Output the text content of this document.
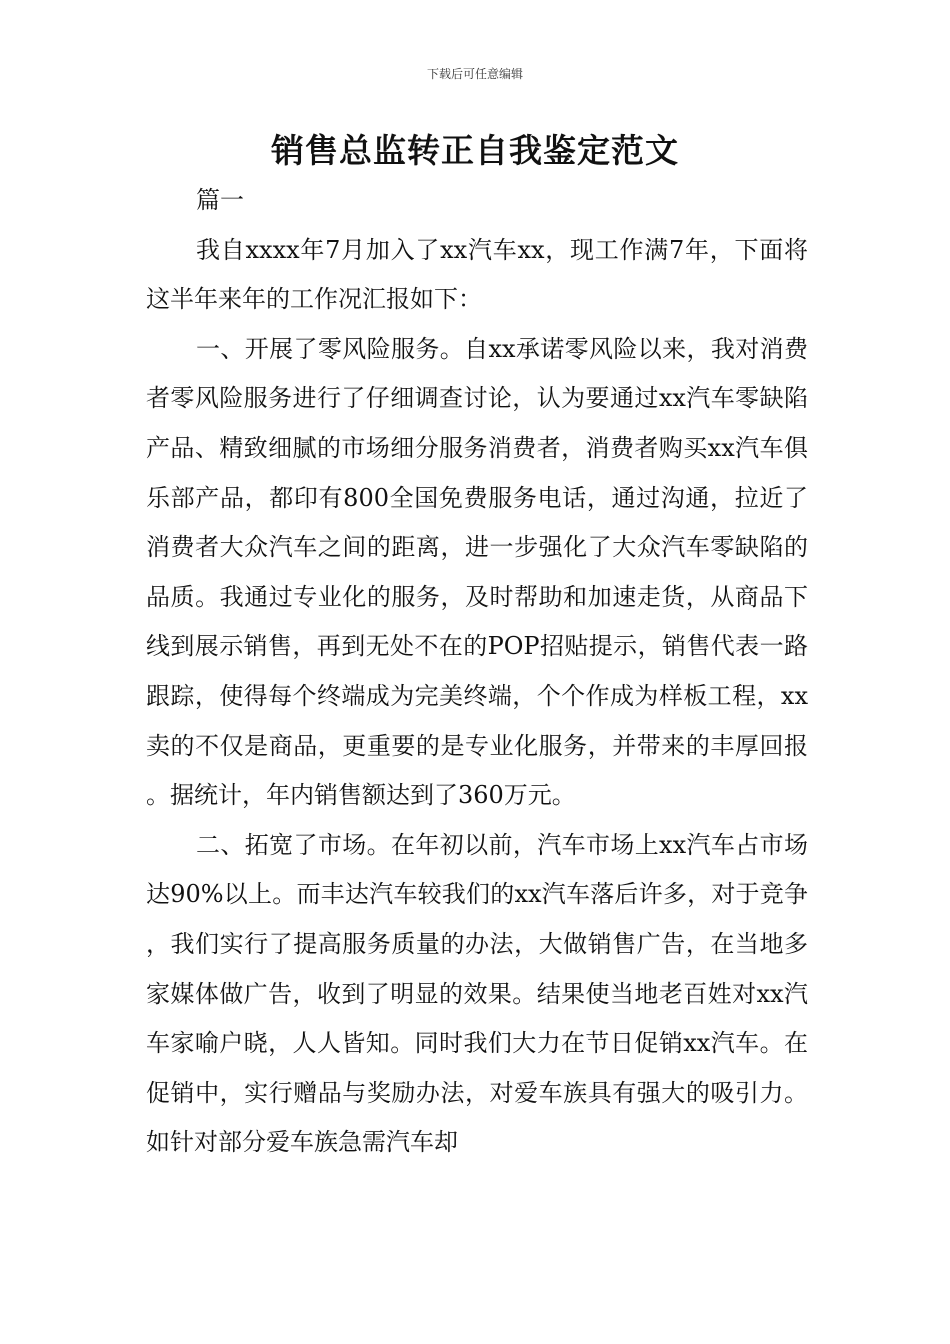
下载后可任意编辑
销售总监转正自我鉴定范文

篇一

我自xxxx年7月加入了xx汽车xx，现工作满7年，下面将这半年来年的工作况汇报如下：

一、开展了零风险服务。自xx承诺零风险以来，我对消费者零风险服务进行了仔细调查讨论，认为要通过xx汽车零缺陷产品、精致细腻的市场细分服务消费者，消费者购买xx汽车俱乐部产品，都印有800全国免费服务电话，通过沟通，拉近了消费者大众汽车之间的距离，进一步强化了大众汽车零缺陷的品质。我通过专业化的服务，及时帮助和加速走货，从商品下线到展示销售，再到无处不在的POP招贴提示，销售代表一路跟踪，使得每个终端成为完美终端，个个作成为样板工程，xx卖的不仅是商品，更重要的是专业化服务，并带来的丰厚回报。据统计，年内销售额达到了360万元。

二、拓宽了市场。在年初以前，汽车市场上xx汽车占市场达90%以上。而丰达汽车较我们的xx汽车落后许多，对于竞争，我们实行了提高服务质量的办法，大做销售广告，在当地多家媒体做广告，收到了明显的效果。结果使当地老百姓对xx汽车家喻户晓，人人皆知。同时我们大力在节日促销xx汽车。在促销中，实行赠品与奖励办法，对爱车族具有强大的吸引力。如针对部分爱车族急需汽车却
